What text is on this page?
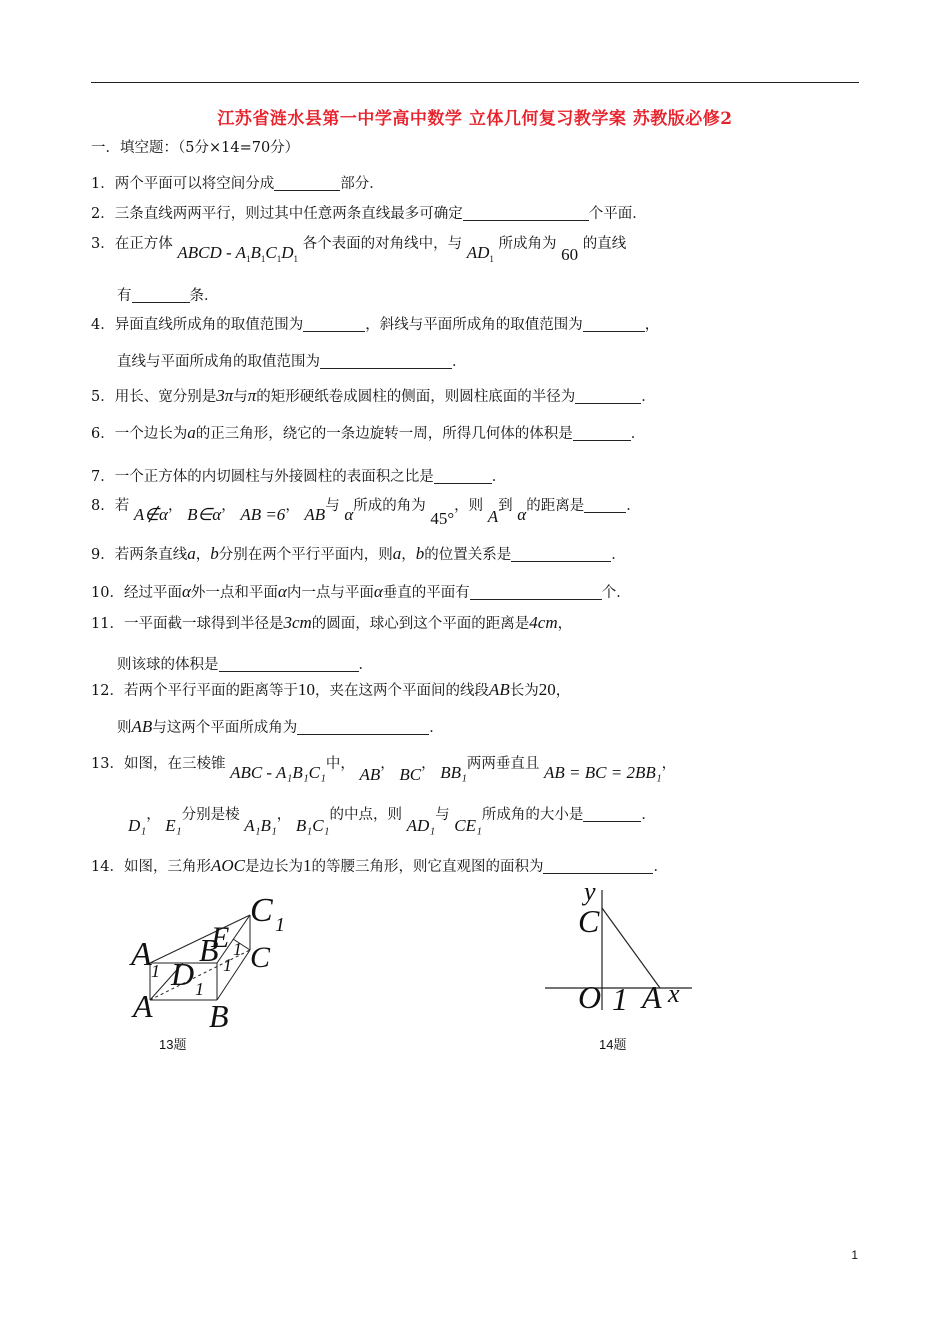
江苏省涟水县第一中学高中数学 立体几何复习教学案 苏教版必修2
一．填空题：（5分×14=70分）
1．两个平面可以将空间分成	部分．
2．三条直线两两平行，则过其中任意两条直线最多可确定	个平面．
3．在正方体 ABCD - $A_1B_1C_1D_1$ 各个表面的对角线中，与 $AD_1$ 所成角为 60 的直线
有	条．
4．异面直线所成角的取值范围为	，斜线与平面所成角的取值范围为	，
直线与平面所成角的取值范围为	．
5．用长、宽分别是3π与π的矩形硬纸卷成圆柱的侧面，则圆柱底面的半径为	．
6．一个边长为a的正三角形，绕它的一条边旋转一周，所得几何体的体积是	．
7．一个正方体的内切圆柱与外接圆柱的表面积之比是	．
8．若 A∉α， B∈α， AB =6， AB与 α所成的角为 45°，则 A到 α的距离是	．
9．若两条直线a，b分别在两个平行平面内，则a，b的位置关系是	．
10．经过平面α外一点和平面α内一点与平面α垂直的平面有	个．
11．一平面截一球得到半径是3cm的圆面，球心到这个平面的距离是4cm，
则该球的体积是	．
12．若两个平行平面的距离等于10，夹在这两个平面间的线段AB长为20，
则AB与这两个平面所成角为	．
13．如图，在三棱锥 ABC - A₁B₁C₁中， AB， BC， BB₁两两垂直且 AB = BC = 2BB₁，
D₁， E₁分别是棱 A₁B₁， B₁C₁的中点，则 AD₁与 CE₁所成角的大小是	．
14．如图，三角形AOC是边长为1的等腰三角形，则它直观图的面积为	．
C 1
E 1
A 1
B 1
D 1
C
A B
13题
y
C
O 1 A x
14题
1
